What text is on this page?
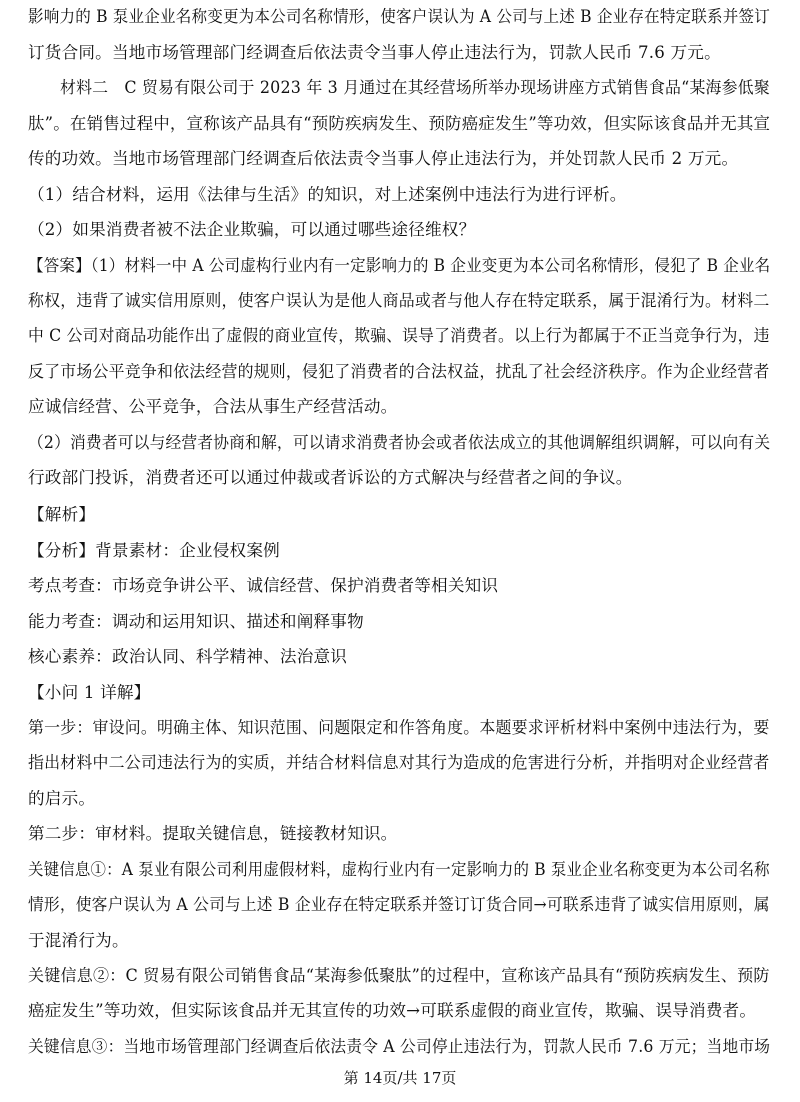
影响力的 B 泵业企业名称变更为本公司名称情形，使客户误认为 A 公司与上述 B 企业存在特定联系并签订
订货合同。当地市场管理部门经调查后依法责令当事人停止违法行为，罚款人民币 7.6 万元。
材料二　C 贸易有限公司于 2023 年 3 月通过在其经营场所举办现场讲座方式销售食品“某海参低聚
肽”。在销售过程中，宣称该产品具有“预防疾病发生、预防癌症发生”等功效，但实际该食品并无其宣
传的功效。当地市场管理部门经调查后依法责令当事人停止违法行为，并处罚款人民币 2 万元。
（1）结合材料，运用《法律与生活》的知识，对上述案例中违法行为进行评析。
（2）如果消费者被不法企业欺骗，可以通过哪些途径维权？
【答案】（1）材料一中 A 公司虚构行业内有一定影响力的 B 企业变更为本公司名称情形，侵犯了 B 企业名
称权，违背了诚实信用原则，使客户误认为是他人商品或者与他人存在特定联系，属于混淆行为。材料二
中 C 公司对商品功能作出了虚假的商业宣传，欺骗、误导了消费者。以上行为都属于不正当竞争行为，违
反了市场公平竞争和依法经营的规则，侵犯了消费者的合法权益，扰乱了社会经济秩序。作为企业经营者
应诚信经营、公平竞争，合法从事生产经营活动。
（2）消费者可以与经营者协商和解，可以请求消费者协会或者依法成立的其他调解组织调解，可以向有关
行政部门投诉，消费者还可以通过仲裁或者诉讼的方式解决与经营者之间的争议。
【解析】
【分析】背景素材：企业侵权案例
考点考查：市场竞争讲公平、诚信经营、保护消费者等相关知识
能力考查：调动和运用知识、描述和阐释事物
核心素养：政治认同、科学精神、法治意识
【小问 1 详解】
第一步：审设问。明确主体、知识范围、问题限定和作答角度。本题要求评析材料中案例中违法行为，要
指出材料中二公司违法行为的实质，并结合材料信息对其行为造成的危害进行分析，并指明对企业经营者
的启示。
第二步：审材料。提取关键信息，链接教材知识。
关键信息①：A 泵业有限公司利用虚假材料，虚构行业内有一定影响力的 B 泵业企业名称变更为本公司名称
情形，使客户误认为 A 公司与上述 B 企业存在特定联系并签订订货合同→可联系违背了诚实信用原则，属
于混淆行为。
关键信息②：C 贸易有限公司销售食品“某海参低聚肽”的过程中，宣称该产品具有“预防疾病发生、预防
癌症发生”等功效，但实际该食品并无其宣传的功效→可联系虚假的商业宣传，欺骗、误导消费者。
关键信息③：当地市场管理部门经调查后依法责令 A 公司停止违法行为，罚款人民币 7.6 万元；当地市场
第 14页/共 17页
